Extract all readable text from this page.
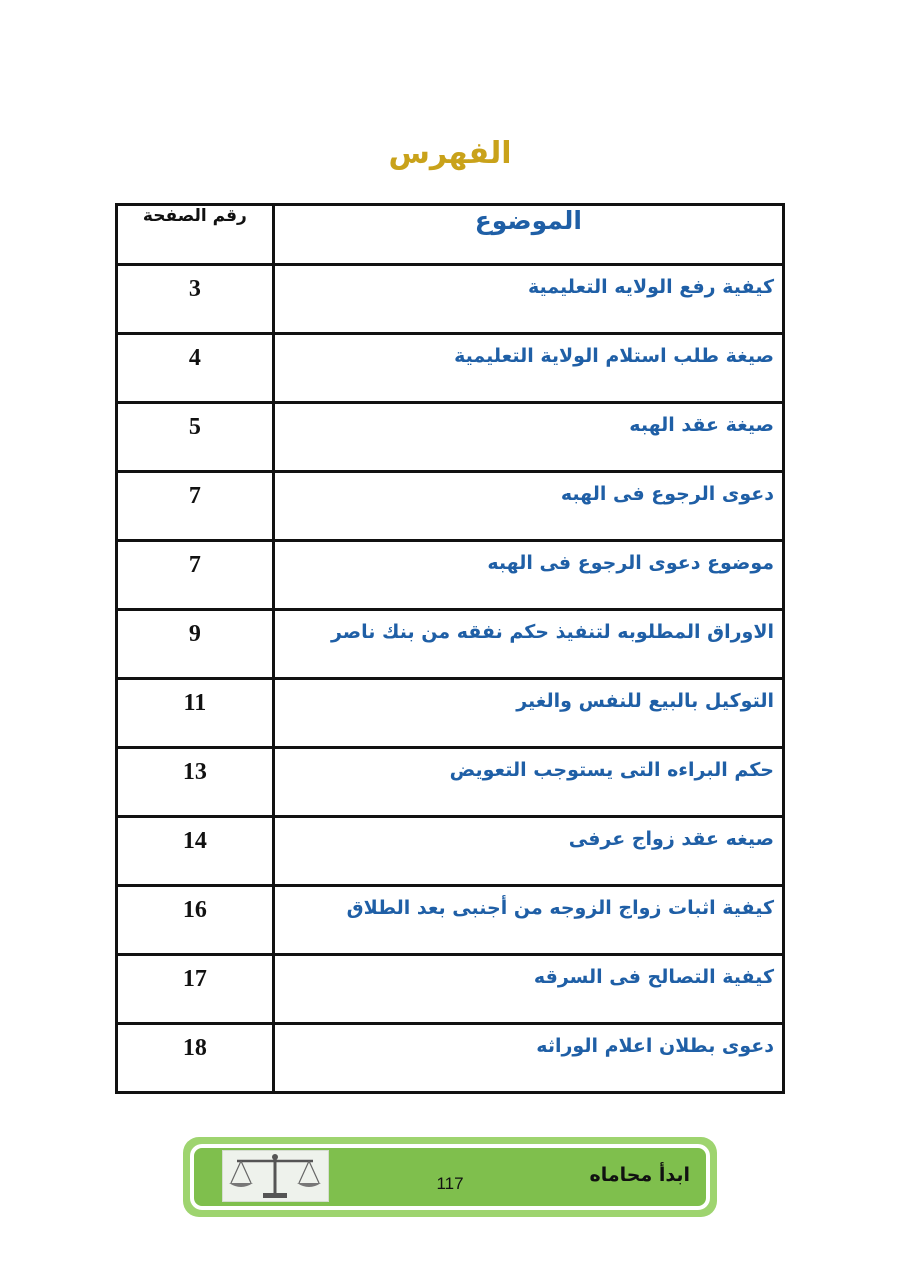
الفهرس
الموضوع	رقم الصفحة
كيفية رفع الولايه التعليمية	3
صيغة طلب استلام الولاية التعليمية	4
صيغة عقد الهبه	5
دعوى الرجوع فى الهبه	7
موضوع دعوى الرجوع فى الهبه	7
الاوراق المطلوبه لتنفيذ حكم نفقه من بنك ناصر	9
التوكيل بالبيع للنفس والغير	11
حكم البراءه التى يستوجب التعويض	13
صيغه عقد زواج عرفى	14
كيفية اثبات زواج الزوجه من أجنبى بعد الطلاق	16
كيفية التصالح فى السرقه	17
دعوى بطلان اعلام الوراثه	18
117	ابدأ محاماه
